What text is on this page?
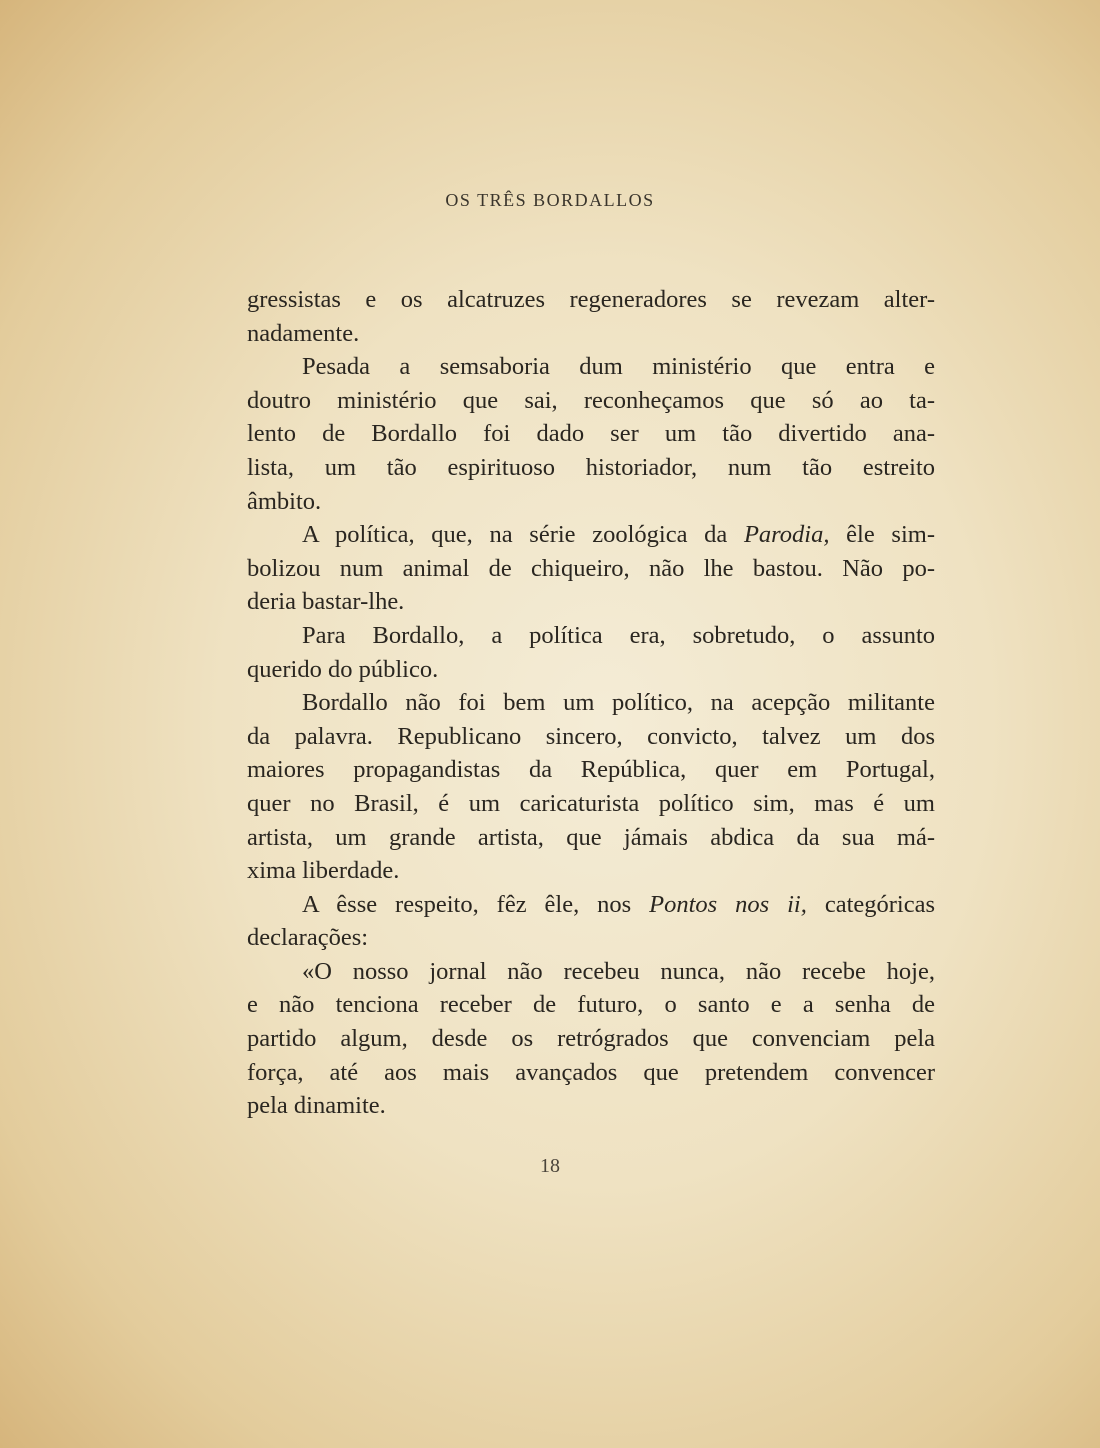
OS TRÊS BORDALLOS
gressistas e os alcatruzes regeneradores se revezam alter-
nadamente.
Pesada a semsaboria dum ministério que entra e
doutro ministério que sai, reconheçamos que só ao ta-
lento de Bordallo foi dado ser um tão divertido ana-
lista, um tão espirituoso historiador, num tão estreito
âmbito.
A política, que, na série zoológica da Parodia, êle sim-
bolizou num animal de chiqueiro, não lhe bastou. Não po-
deria bastar-lhe.
Para Bordallo, a política era, sobretudo, o assunto
querido do público.
Bordallo não foi bem um político, na acepção militante
da palavra. Republicano sincero, convicto, talvez um dos
maiores propagandistas da República, quer em Portugal,
quer no Brasil, é um caricaturista político sim, mas é um
artista, um grande artista, que jámais abdica da sua má-
xima liberdade.
A êsse respeito, fêz êle, nos Pontos nos ii, categóricas
declarações:
«O nosso jornal não recebeu nunca, não recebe hoje,
e não tenciona receber de futuro, o santo e a senha de
partido algum, desde os retrógrados que convenciam pela
força, até aos mais avançados que pretendem convencer
pela dinamite.
18
